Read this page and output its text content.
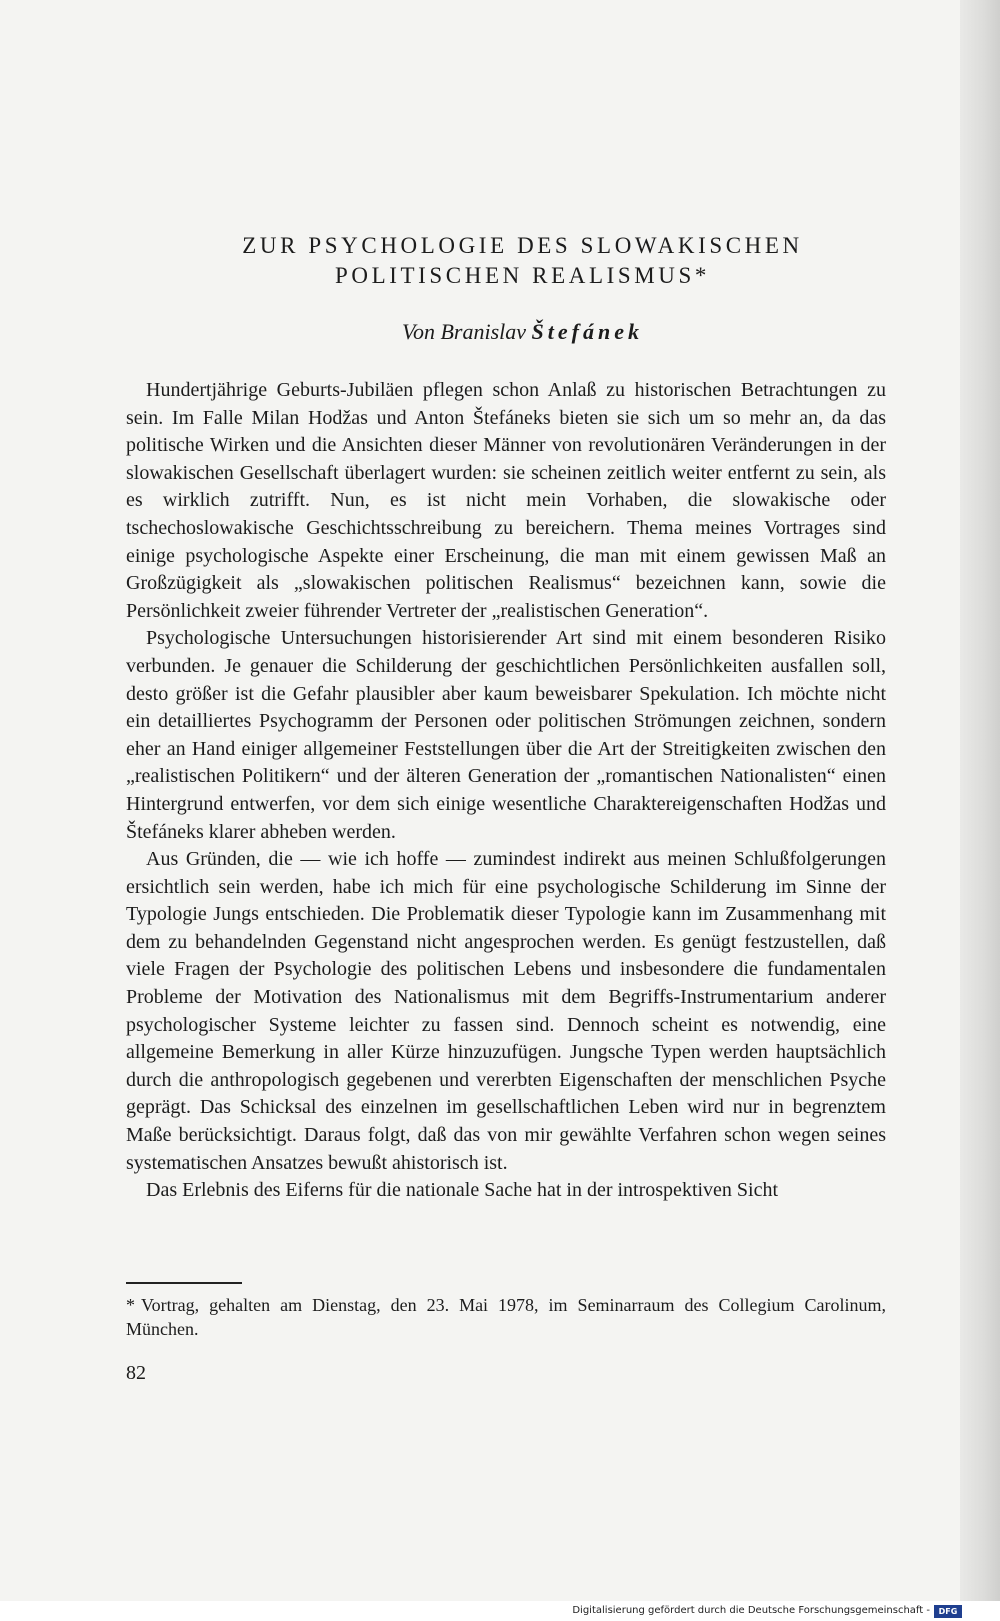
ZUR PSYCHOLOGIE DES SLOWAKISCHEN
POLITISCHEN REALISMUS*
Von Branislav Štefánek

Hundertjährige Geburts-Jubiläen pflegen schon Anlaß zu historischen Betrachtungen zu sein. Im Falle Milan Hodžas und Anton Štefáneks bieten sie sich um so mehr an, da das politische Wirken und die Ansichten dieser Männer von revolutionären Veränderungen in der slowakischen Gesellschaft überlagert wurden: sie scheinen zeitlich weiter entfernt zu sein, als es wirklich zutrifft. Nun, es ist nicht mein Vorhaben, die slowakische oder tschechoslowakische Geschichtsschreibung zu bereichern. Thema meines Vortrages sind einige psychologische Aspekte einer Erscheinung, die man mit einem gewissen Maß an Großzügigkeit als „slowakischen politischen Realismus“ bezeichnen kann, sowie die Persönlichkeit zweier führender Vertreter der „realistischen Generation“.

Psychologische Untersuchungen historisierender Art sind mit einem besonderen Risiko verbunden. Je genauer die Schilderung der geschichtlichen Persönlichkeiten ausfallen soll, desto größer ist die Gefahr plausibler aber kaum beweisbarer Spekulation. Ich möchte nicht ein detailliertes Psychogramm der Personen oder politischen Strömungen zeichnen, sondern eher an Hand einiger allgemeiner Feststellungen über die Art der Streitigkeiten zwischen den „realistischen Politikern“ und der älteren Generation der „romantischen Nationalisten“ einen Hintergrund entwerfen, vor dem sich einige wesentliche Charaktereigenschaften Hodžas und Štefáneks klarer abheben werden.

Aus Gründen, die — wie ich hoffe — zumindest indirekt aus meinen Schlußfolgerungen ersichtlich sein werden, habe ich mich für eine psychologische Schilderung im Sinne der Typologie Jungs entschieden. Die Problematik dieser Typologie kann im Zusammenhang mit dem zu behandelnden Gegenstand nicht angesprochen werden. Es genügt festzustellen, daß viele Fragen der Psychologie des politischen Lebens und insbesondere die fundamentalen Probleme der Motivation des Nationalismus mit dem Begriffs-Instrumentarium anderer psychologischer Systeme leichter zu fassen sind. Dennoch scheint es notwendig, eine allgemeine Bemerkung in aller Kürze hinzuzufügen. Jungsche Typen werden hauptsächlich durch die anthropologisch gegebenen und vererbten Eigenschaften der menschlichen Psyche geprägt. Das Schicksal des einzelnen im gesellschaftlichen Leben wird nur in begrenztem Maße berücksichtigt. Daraus folgt, daß das von mir gewählte Verfahren schon wegen seines systematischen Ansatzes bewußt ahistorisch ist.

Das Erlebnis des Eiferns für die nationale Sache hat in der introspektiven Sicht

* Vortrag, gehalten am Dienstag, den 23. Mai 1978, im Seminarraum des Collegium Carolinum, München.
82
Digitalisierung gefördert durch die Deutsche Forschungsgemeinschaft -	DFG
